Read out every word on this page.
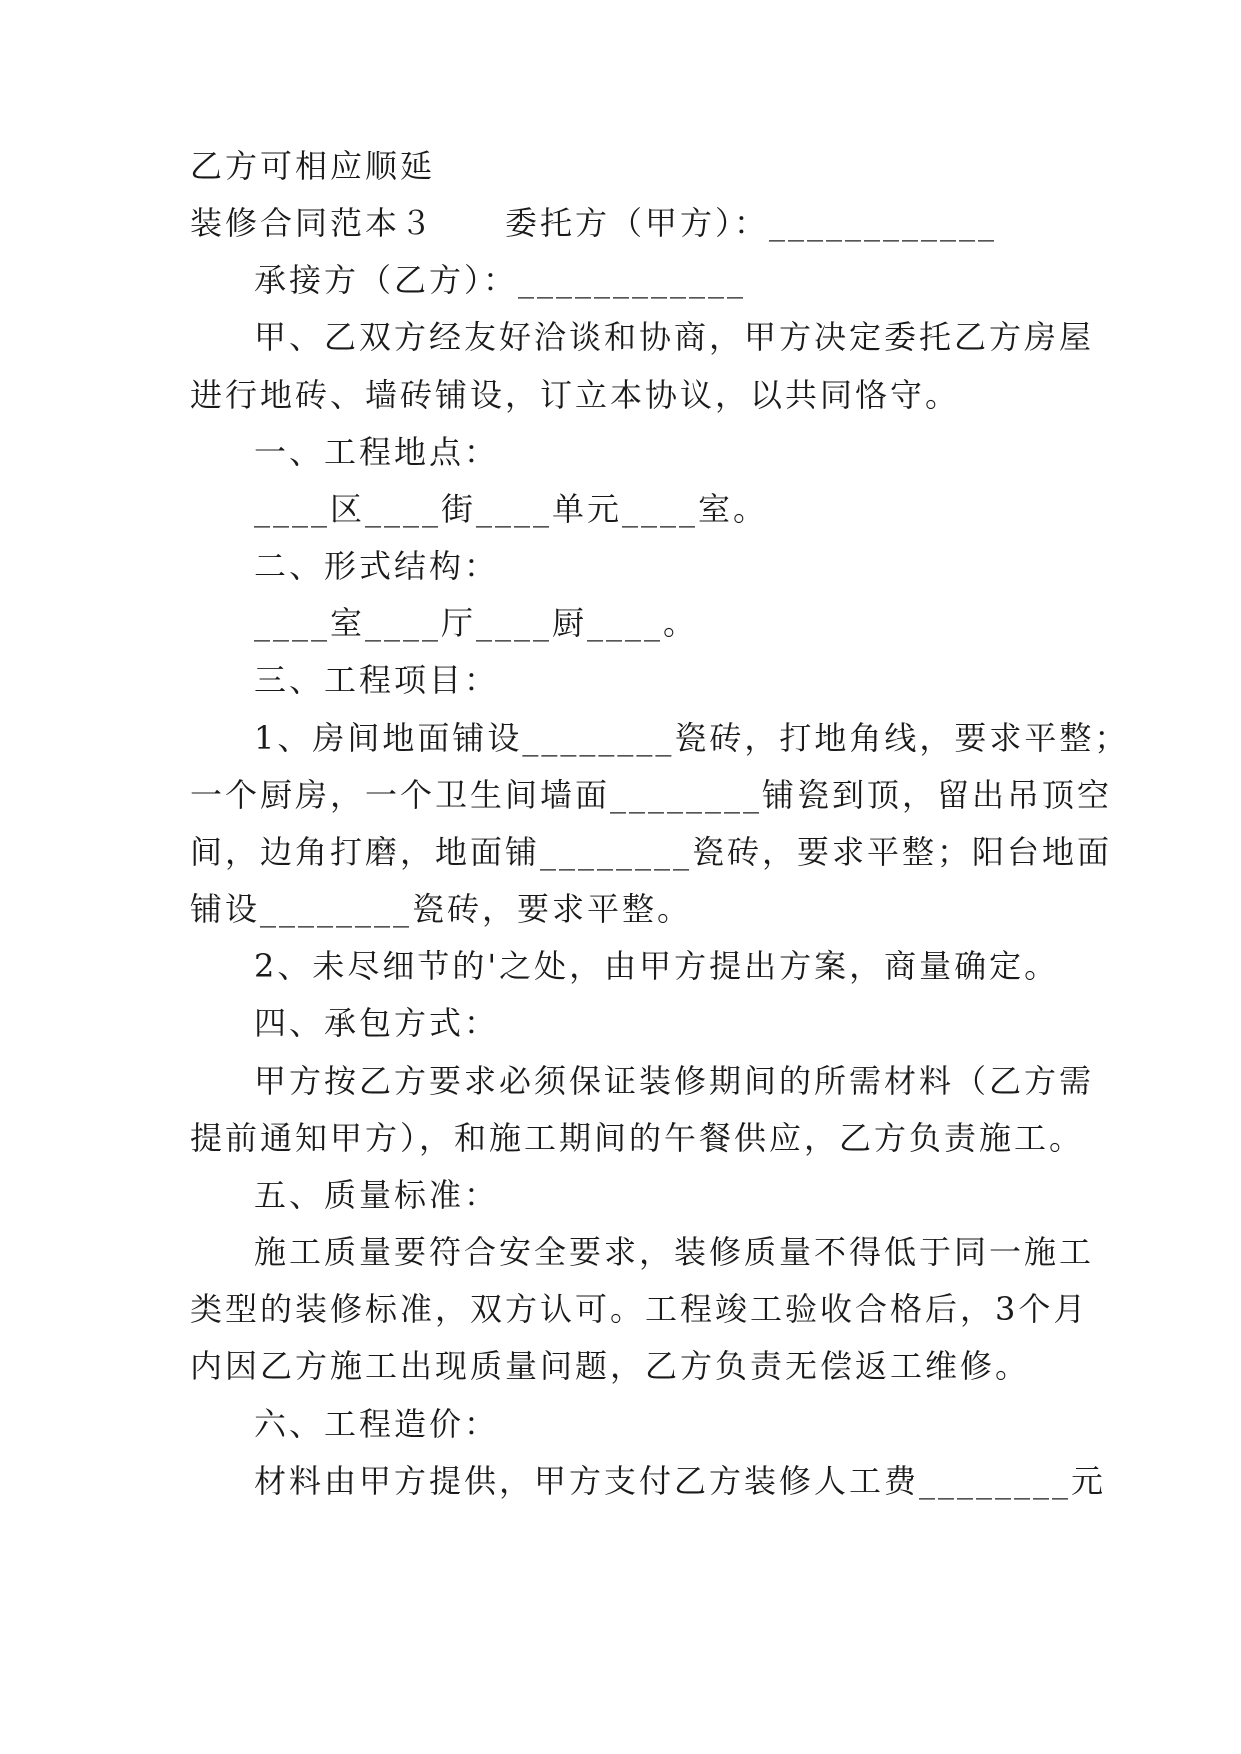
乙方可相应顺延
装修合同范本３　　委托方（甲方）：____________
承接方（乙方）：____________
甲、乙双方经友好洽谈和协商，甲方决定委托乙方房屋
进行地砖、墙砖铺设，订立本协议，以共同恪守。
一、工程地点：
____区____街____单元____室。
二、形式结构：
____室____厅____厨____。
三、工程项目：
1、房间地面铺设________瓷砖，打地角线，要求平整；
一个厨房，一个卫生间墙面________铺瓷到顶，留出吊顶空
间，边角打磨，地面铺________瓷砖，要求平整；阳台地面
铺设________瓷砖，要求平整。
2、未尽细节的'之处，由甲方提出方案，商量确定。
四、承包方式：
甲方按乙方要求必须保证装修期间的所需材料（乙方需
提前通知甲方），和施工期间的午餐供应，乙方负责施工。
五、质量标准：
施工质量要符合安全要求，装修质量不得低于同一施工
类型的装修标准，双方认可。工程竣工验收合格后，3个月
内因乙方施工出现质量问题，乙方负责无偿返工维修。
六、工程造价：
材料由甲方提供，甲方支付乙方装修人工费________元
